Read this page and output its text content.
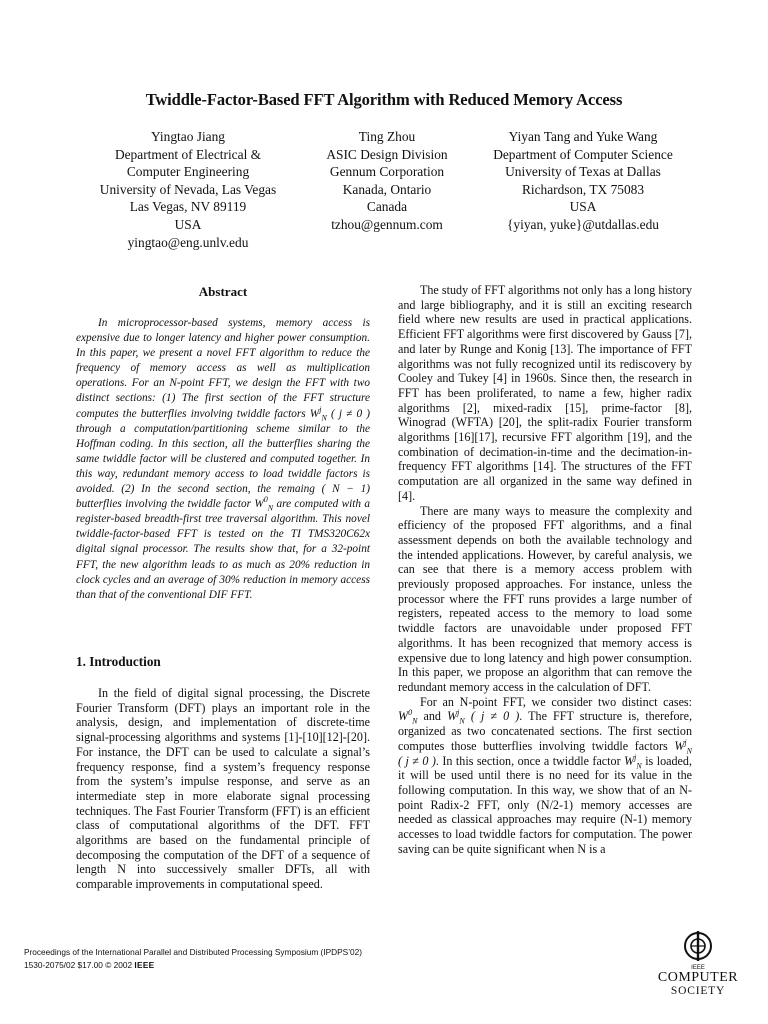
Twiddle-Factor-Based FFT Algorithm with Reduced Memory Access
Yingtao Jiang
Department of Electrical &
Computer Engineering
University of Nevada, Las Vegas
Las Vegas, NV 89119
USA
yingtao@eng.unlv.edu
Ting Zhou
ASIC Design Division
Gennum Corporation
Kanada, Ontario
Canada
tzhou@gennum.com
Yiyan Tang and Yuke Wang
Department of Computer Science
University of Texas at Dallas
Richardson, TX 75083
USA
{yiyan, yuke}@utdallas.edu
Abstract

In microprocessor-based systems, memory access is expensive due to longer latency and higher power consumption. In this paper, we present a novel FFT algorithm to reduce the frequency of memory access as well as multiplication operations. For an N-point FFT, we design the FFT with two distinct sections: (1) The first section of the FFT structure computes the butterflies involving twiddle factors $W^j_N$ ( j ≠ 0 ) through a computation/partitioning scheme similar to the Hoffman coding. In this section, all the butterflies sharing the same twiddle factor will be clustered and computed together. In this way, redundant memory access to load twiddle factors is avoided. (2) In the second section, the remaing ( N − 1) butterflies involving the twiddle factor $W^0_N$ are computed with a register-based breadth-first tree traversal algorithm. This novel twiddle-factor-based FFT is tested on the TI TMS320C62x digital signal processor. The results show that, for a 32-point FFT, the new algorithm leads to as much as 20% reduction in clock cycles and an average of 30% reduction in memory access than that of the conventional DIF FFT.

1. Introduction

In the field of digital signal processing, the Discrete Fourier Transform (DFT) plays an important role in the analysis, design, and implementation of discrete-time signal-processing algorithms and systems [1]-[10][12]-[20]. For instance, the DFT can be used to calculate a signal’s frequency response, find a system’s frequency response from the system’s impulse response, and serve as an intermediate step in more elaborate signal processing techniques. The Fast Fourier Transform (FFT) is an efficient class of computational algorithms of the DFT. FFT algorithms are based on the fundamental principle of decomposing the computation of the DFT of a sequence of length N into successively smaller DFTs, all with comparable improvements in computational speed.

The study of FFT algorithms not only has a long history and large bibliography, and it is still an exciting research field where new results are used in practical applications. Efficient FFT algorithms were first discovered by Gauss [7], and later by Runge and Konig [13]. The importance of FFT algorithms was not fully recognized until its rediscovery by Cooley and Tukey [4] in 1960s. Since then, the research in FFT has been proliferated, to name a few, higher radix algorithms [2], mixed-radix [15], prime-factor [8], Winograd (WFTA) [20], the split-radix Fourier transform algorithms [16][17], recursive FFT algorithm [19], and the combination of decimation-in-time and the decimation-in-frequency FFT algorithms [14]. The structures of the FFT computation are all organized in the same way defined in [4].

There are many ways to measure the complexity and efficiency of the proposed FFT algorithms, and a final assessment depends on both the available technology and the intended applications. However, by careful analysis, we can see that there is a memory access problem with previously proposed approaches. For instance, unless the processor where the FFT runs provides a large number of registers, repeated access to the memory to load some twiddle factors are unavoidable under proposed FFT algorithms. It has been recognized that memory access is expensive due to long latency and high power consumption. In this paper, we propose an algorithm that can remove the redundant memory access in the calculation of DFT.

For an N-point FFT, we consider two distinct cases: $W^0_N$ and $W^j_N$ ( j ≠ 0 ). The FFT structure is, therefore, organized as two concatenated sections. The first section computes those butterflies involving twiddle factors $W^j_N$ ( j ≠ 0 ). In this section, once a twiddle factor $W^j_N$ is loaded, it will be used until there is no need for its value in the following computation. In this way, we show that of an N-point Radix-2 FFT, only (N/2-1) memory accesses are needed as classical approaches may require (N-1) memory accesses to load twiddle factors for computation. The power saving can be quite significant when N is a

Proceedings of the International Parallel and Distributed Processing Symposium (IPDPS’02)
1530-2075/02 $17.00 © 2002 IEEE	IEEE
COMPUTER
SOCIETY
